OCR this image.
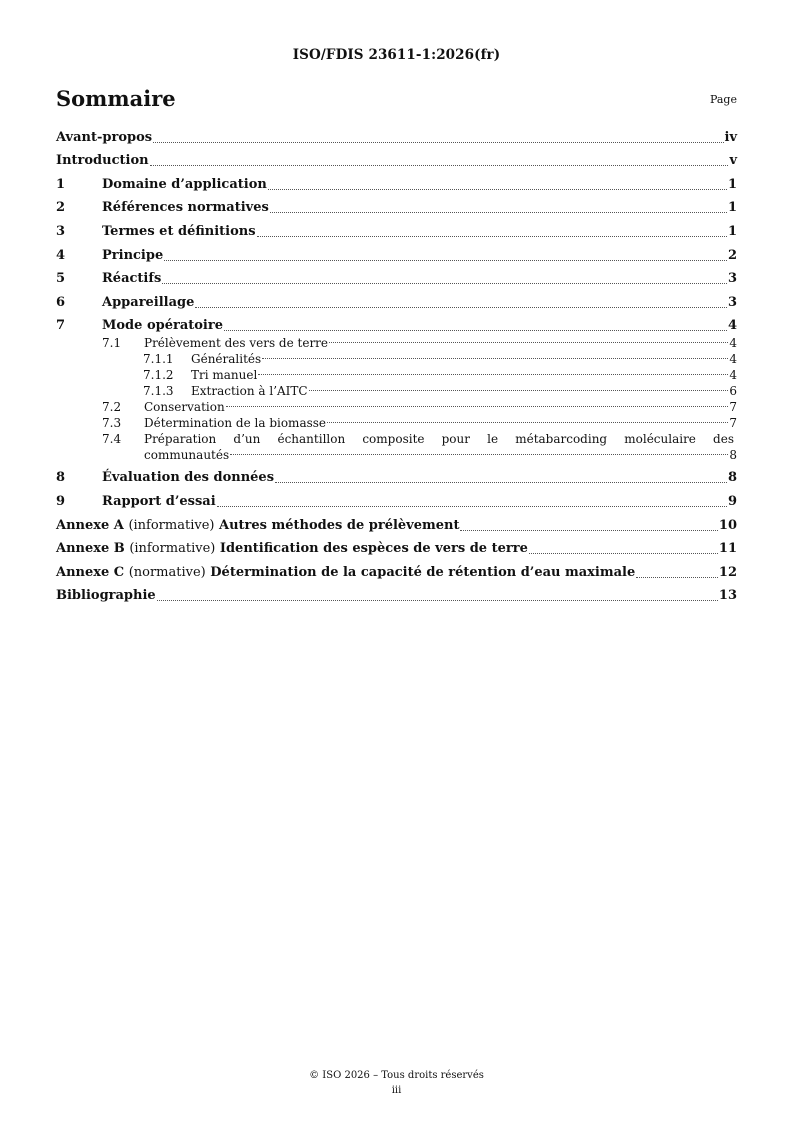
ISO/FDIS 23611-1:2026(fr)
Sommaire	Page
Avant-propos	iv
Introduction	v
1	Domaine d’application	1
2	Références normatives	1
3	Termes et définitions	1
4	Principe	2
5	Réactifs	3
6	Appareillage	3
7	Mode opératoire	4
7.1	Prélèvement des vers de terre	4
7.1.1	Généralités	4
7.1.2	Tri manuel	4
7.1.3	Extraction à l’AITC	6
7.2	Conservation	7
7.3	Détermination de la biomasse	7
7.4	Préparation d’un échantillon composite pour le métabarcoding moléculaire des
communautés	8
8	Évaluation des données	8
9	Rapport d’essai	9
Annexe A (informative) Autres méthodes de prélèvement	10
Annexe B (informative) Identification des espèces de vers de terre	11
Annexe C (normative) Détermination de la capacité de rétention d’eau maximale	12
Bibliographie	13
© ISO 2026 – Tous droits réservés
iii
